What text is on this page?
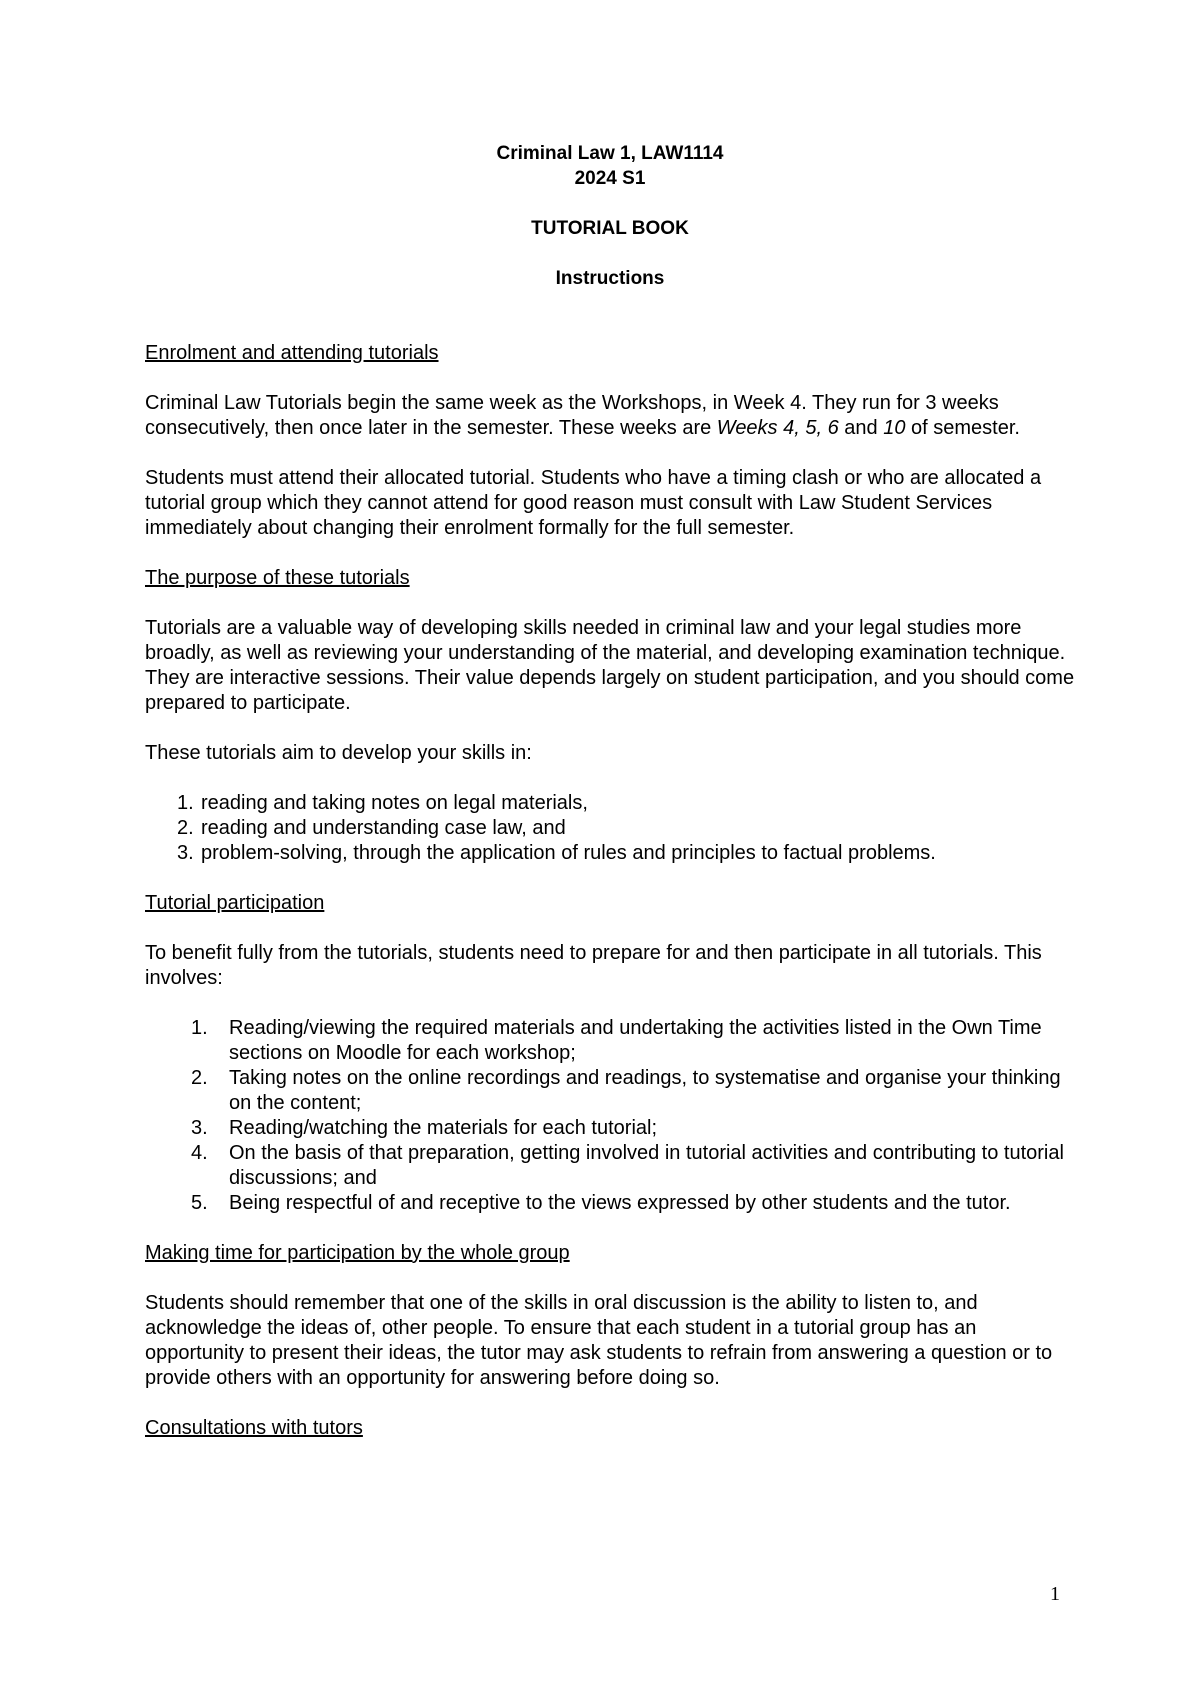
Criminal Law 1, LAW1114
2024 S1
TUTORIAL BOOK
Instructions
Enrolment and attending tutorials

Criminal Law Tutorials begin the same week as the Workshops, in Week 4. They run for 3 weeks consecutively, then once later in the semester. These weeks are Weeks 4, 5, 6 and 10 of semester.

Students must attend their allocated tutorial. Students who have a timing clash or who are allocated a tutorial group which they cannot attend for good reason must consult with Law Student Services immediately about changing their enrolment formally for the full semester.

The purpose of these tutorials

Tutorials are a valuable way of developing skills needed in criminal law and your legal studies more broadly, as well as reviewing your understanding of the material, and developing examination technique. They are interactive sessions. Their value depends largely on student participation, and you should come prepared to participate.

These tutorials aim to develop your skills in:

1. reading and taking notes on legal materials,
2. reading and understanding case law, and
3. problem-solving, through the application of rules and principles to factual problems.
Tutorial participation

To benefit fully from the tutorials, students need to prepare for and then participate in all tutorials. This involves:

1.	Reading/viewing the required materials and undertaking the activities listed in the Own Time sections on Moodle for each workshop;
2.	Taking notes on the online recordings and readings, to systematise and organise your thinking on the content;
3.	Reading/watching the materials for each tutorial;
4.	On the basis of that preparation, getting involved in tutorial activities and contributing to tutorial discussions; and
5.	Being respectful of and receptive to the views expressed by other students and the tutor.
Making time for participation by the whole group

Students should remember that one of the skills in oral discussion is the ability to listen to, and acknowledge the ideas of, other people. To ensure that each student in a tutorial group has an opportunity to present their ideas, the tutor may ask students to refrain from answering a question or to provide others with an opportunity for answering before doing so.

Consultations with tutors
1
